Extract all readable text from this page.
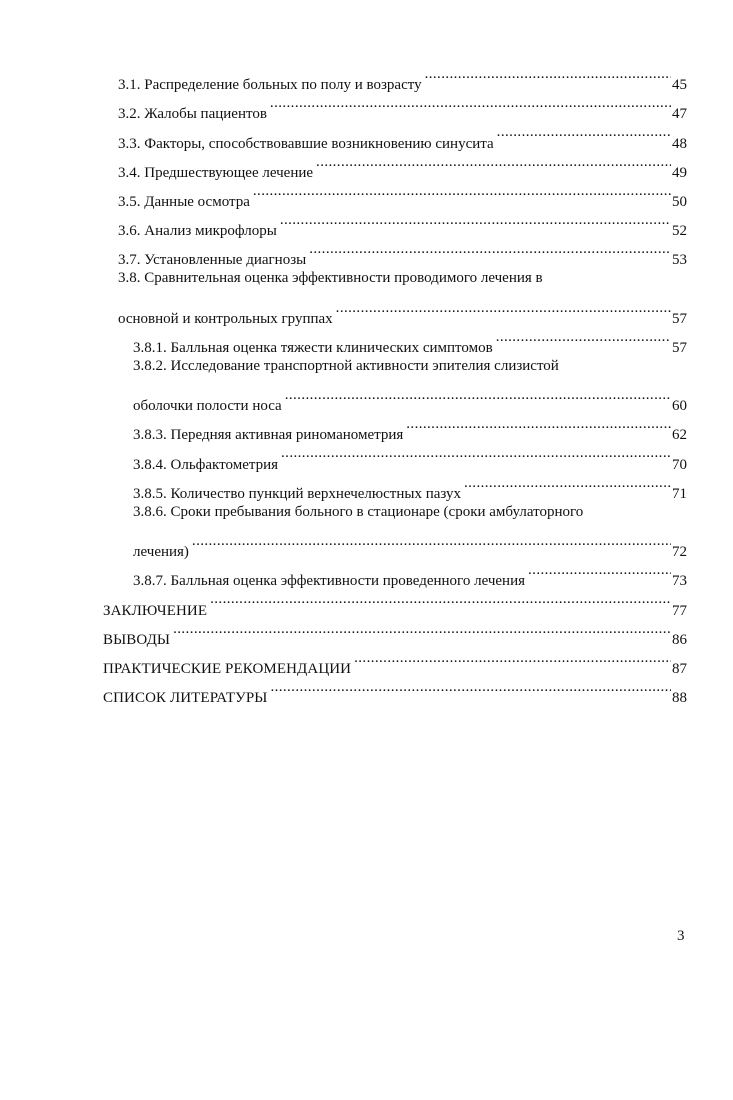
3.1. Распределение больных по полу и возрасту .....	45
3.2. Жалобы пациентов .....	47
3.3. Факторы, способствовавшие возникновению синусита .....	48
3.4. Предшествующее лечение .....	49
3.5. Данные осмотра .....	50
3.6. Анализ микрофлоры .....	52
3.7. Установленные диагнозы .....	53
3.8. Сравнительная оценка эффективности проводимого лечения в
основной и контрольных группах .....	57
3.8.1. Балльная оценка тяжести клинических симптомов .....	57
3.8.2. Исследование транспортной активности эпителия слизистой
оболочки полости носа .....	60
3.8.3. Передняя активная риноманометрия .....	62
3.8.4. Ольфактометрия .....	70
3.8.5. Количество пункций верхнечелюстных пазух .....	71
3.8.6. Сроки пребывания больного в стационаре (сроки амбулаторного
лечения) .....	72
3.8.7. Балльная оценка эффективности проведенного лечения .....	73
ЗАКЛЮЧЕНИЕ .....	77
ВЫВОДЫ .....	86
ПРАКТИЧЕСКИЕ РЕКОМЕНДАЦИИ .....	87
СПИСОК ЛИТЕРАТУРЫ .....	88
3
